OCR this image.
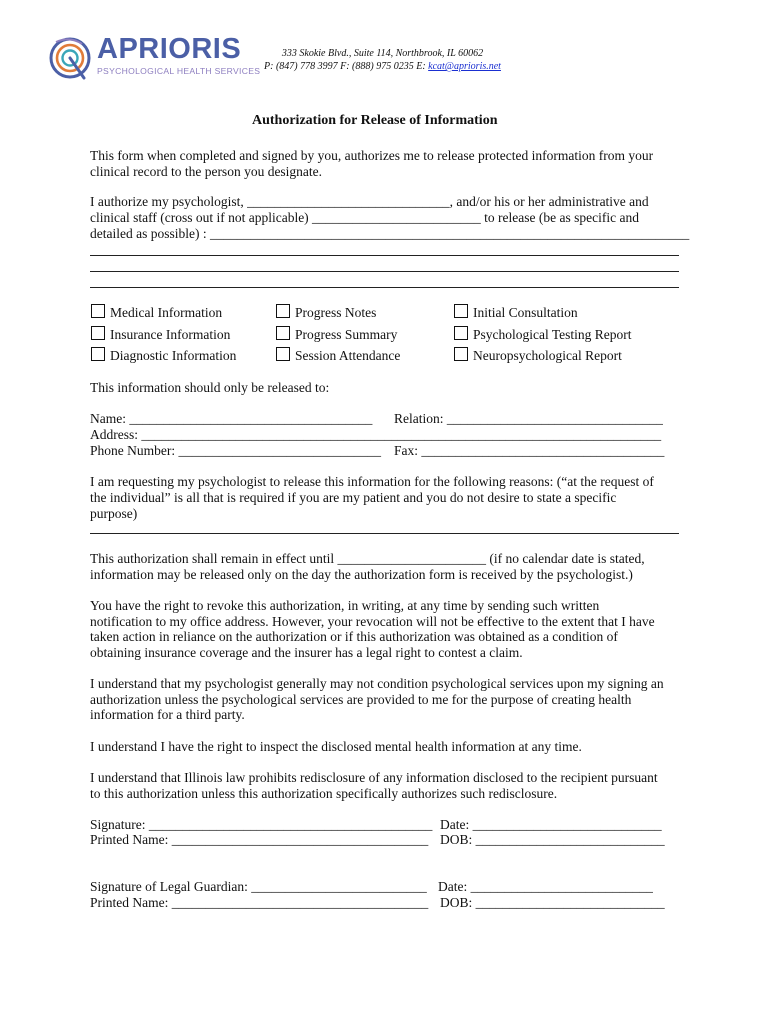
APRIORIS
PSYCHOLOGICAL HEALTH SERVICES
333 Skokie Blvd., Suite 114, Northbrook, IL 60062
P: (847) 778 3997 F: (888) 975 0235 E: kcat@aprioris.net
Authorization for Release of Information
This form when completed and signed by you, authorizes me to release protected information from your
clinical record to the person you designate.
I authorize my psychologist, ______________________________, and/or his or her administrative and
clinical staff (cross out if not applicable) _________________________ to release (be as specific and
detailed as possible) : _______________________________________________________________________
Medical Information
Insurance Information
Diagnostic Information
Progress Notes
Progress Summary
Session Attendance
Initial Consultation
Psychological Testing Report
Neuropsychological Report
This information should only be released to:
Name: ____________________________________ Relation: ________________________________
Address: _____________________________________________________________________________
Phone Number: ______________________________ Fax: ____________________________________
I am requesting my psychologist to release this information for the following reasons: (“at the request of
the individual” is all that is required if you are my patient and you do not desire to state a specific
purpose)
This authorization shall remain in effect until ______________________ (if no calendar date is stated,
information may be released only on the day the authorization form is received by the psychologist.)
You have the right to revoke this authorization, in writing, at any time by sending such written
notification to my office address. However, your revocation will not be effective to the extent that I have
taken action in reliance on the authorization or if this authorization was obtained as a condition of
obtaining insurance coverage and the insurer has a legal right to contest a claim.
I understand that my psychologist generally may not condition psychological services upon my signing an
authorization unless the psychological services are provided to me for the purpose of creating health
information for a third party.
I understand I have the right to inspect the disclosed mental health information at any time.
I understand that Illinois law prohibits redisclosure of any information disclosed to the recipient pursuant
to this authorization unless this authorization specifically authorizes such redisclosure.
Signature: __________________________________________ Date: ____________________________
Printed Name: ______________________________________ DOB: ____________________________
Signature of Legal Guardian: __________________________ Date: ___________________________
Printed Name: ______________________________________ DOB: ____________________________
